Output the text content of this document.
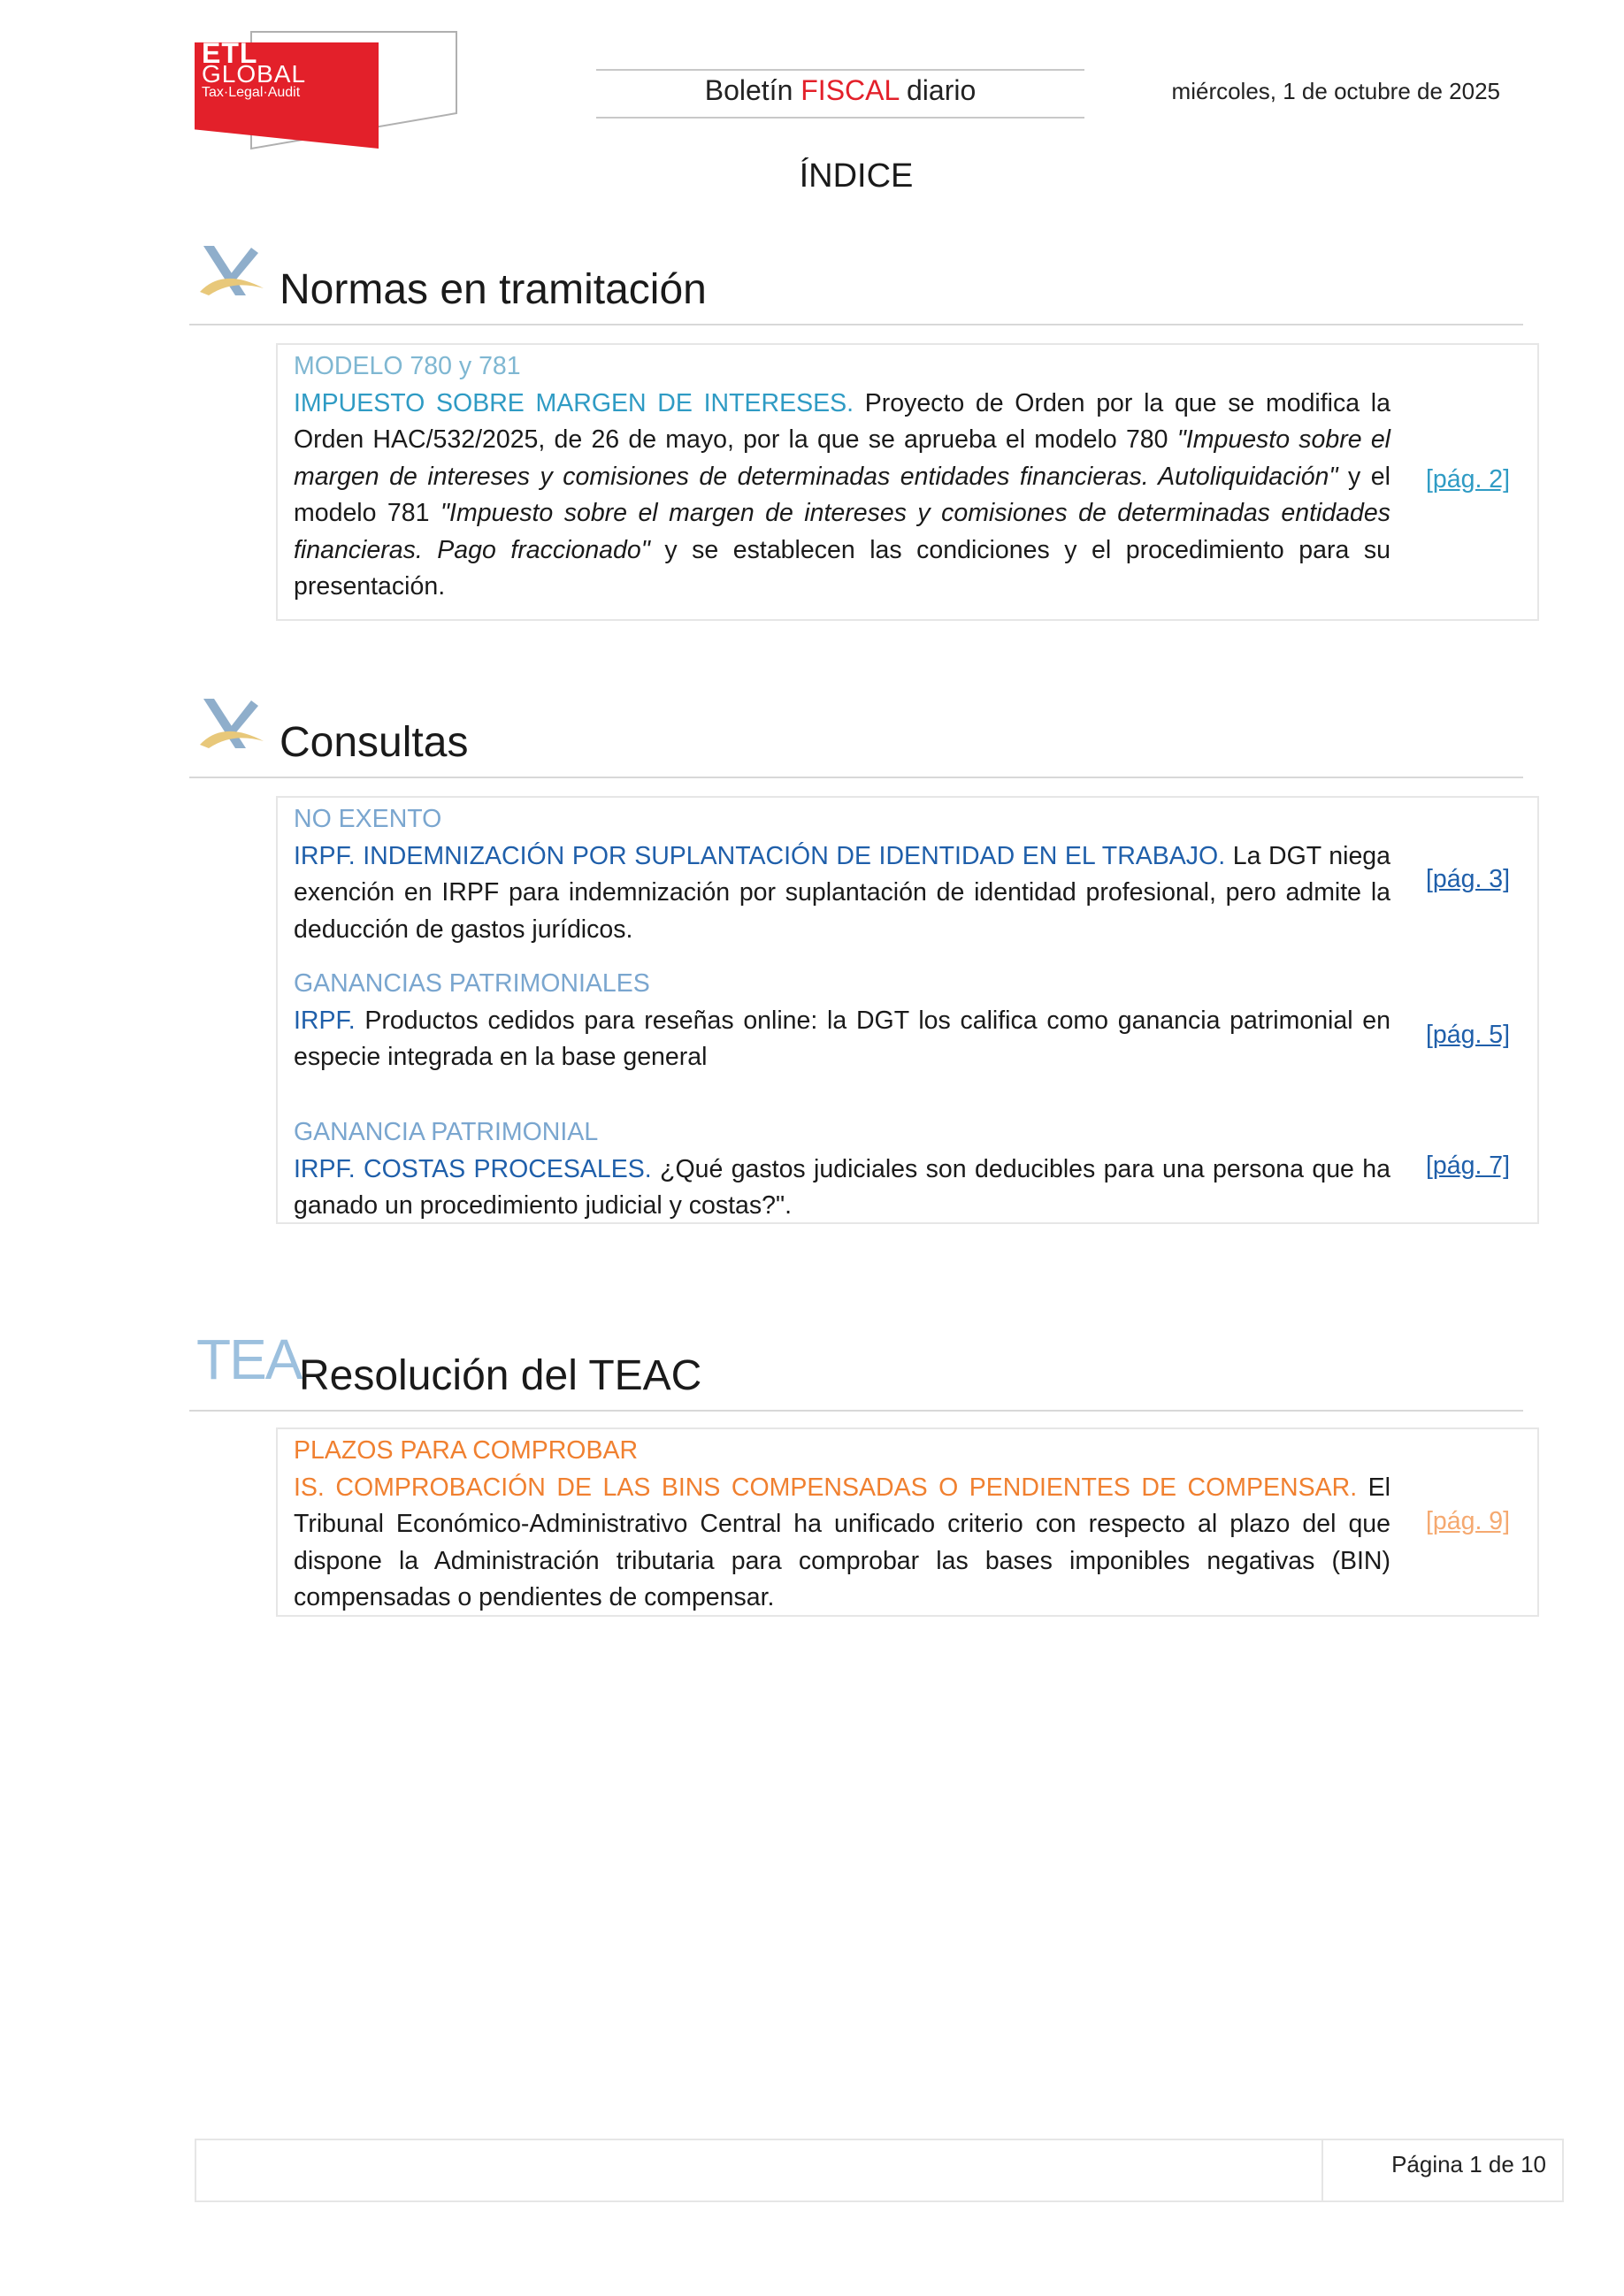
ETL
GLOBAL
Tax·Legal·Audit	Boletín FISCAL diario	miércoles, 1 de octubre de 2025
ÍNDICE
Normas en tramitación
MODELO 780 y 781
IMPUESTO SOBRE MARGEN DE INTERESES. Proyecto de Orden por la que se modifica la Orden HAC/532/2025, de 26 de mayo, por la que se aprueba el modelo 780 "Impuesto sobre el margen de intereses y comisiones de determinadas entidades financieras. Autoliquidación" y el modelo 781 "Impuesto sobre el margen de intereses y comisiones de determinadas entidades financieras. Pago fraccionado" y se establecen las condiciones y el procedimiento para su presentación.
[pág. 2]
Consultas
NO EXENTO
IRPF. INDEMNIZACIÓN POR SUPLANTACIÓN DE IDENTIDAD EN EL TRABAJO. La DGT niega exención en IRPF para indemnización por suplantación de identidad profesional, pero admite la deducción de gastos jurídicos.
[pág. 3]
GANANCIAS PATRIMONIALES
IRPF. Productos cedidos para reseñas online: la DGT los califica como ganancia patrimonial en especie integrada en la base general
[pág. 5]
GANANCIA PATRIMONIAL
IRPF. COSTAS PROCESALES. ¿Qué gastos judiciales son deducibles para una persona que ha ganado un procedimiento judicial y costas?".
[pág. 7]
TEA
Resolución del TEAC
PLAZOS PARA COMPROBAR
IS. COMPROBACIÓN DE LAS BINS COMPENSADAS O PENDIENTES DE COMPENSAR. El Tribunal Económico-Administrativo Central ha unificado criterio con respecto al plazo del que dispone la Administración tributaria para comprobar las bases imponibles negativas (BIN) compensadas o pendientes de compensar.
[pág. 9]
Página 1 de 10
